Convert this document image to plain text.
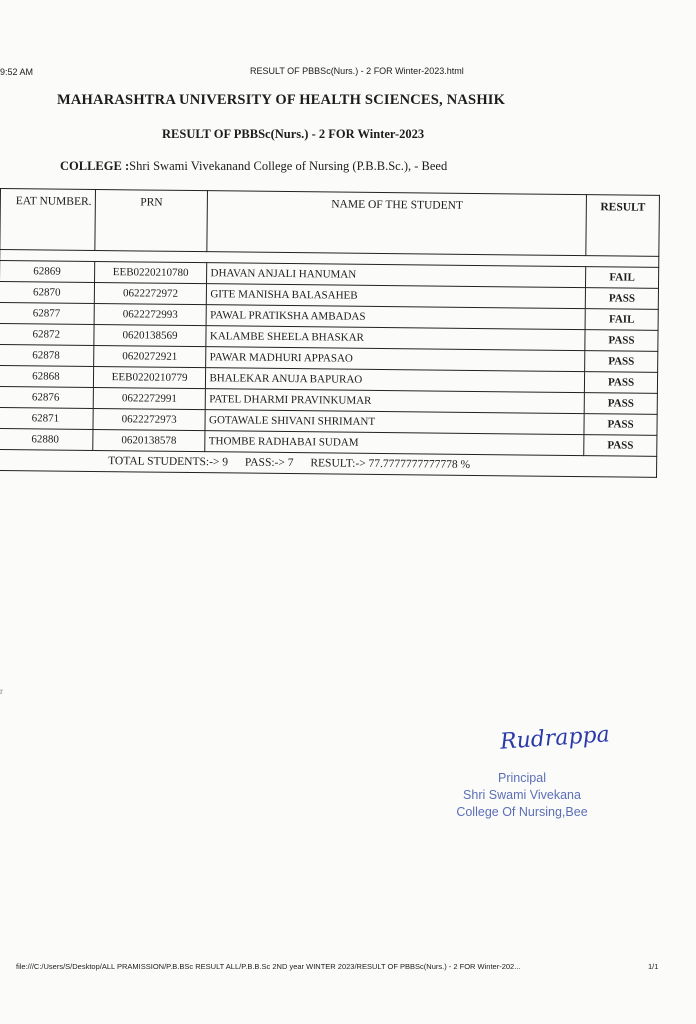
9:52 AM	RESULT OF PBBSc(Nurs.) - 2 FOR Winter-2023.html
MAHARASHTRA UNIVERSITY OF HEALTH SCIENCES, NASHIK
RESULT OF PBBSc(Nurs.) - 2 FOR Winter-2023
COLLEGE :Shri Swami Vivekanand College of Nursing (P.B.B.Sc.), - Beed
EAT NUMBER.	PRN	NAME OF THE STUDENT	RESULT

62869	EEB0220210780	DHAVAN ANJALI HANUMAN	FAIL
62870	0622272972	GITE MANISHA BALASAHEB	PASS
62877	0622272993	PAWAL PRATIKSHA AMBADAS	FAIL
62872	0620138569	KALAMBE SHEELA BHASKAR	PASS
62878	0620272921	PAWAR MADHURI APPASAO	PASS
62868	EEB0220210779	BHALEKAR ANUJA BAPURAO	PASS
62876	0622272991	PATEL DHARMI PRAVINKUMAR	PASS
62871	0622272973	GOTAWALE SHIVANI SHRIMANT	PASS
62880	0620138578	THOMBE RADHABAI SUDAM	PASS
TOTAL STUDENTS:-> 9 PASS:-> 7 RESULT:-> 77.7777777777778 %			
r
Rudrappa
Principal
Shri Swami Vivekana
College Of Nursing,Bee
file:///C:/Users/S/Desktop/ALL PRAMISSION/P.B.BSc RESULT ALL/P.B.B.Sc 2ND year WINTER 2023/RESULT OF PBBSc(Nurs.) - 2 FOR Winter-202...	1/1
